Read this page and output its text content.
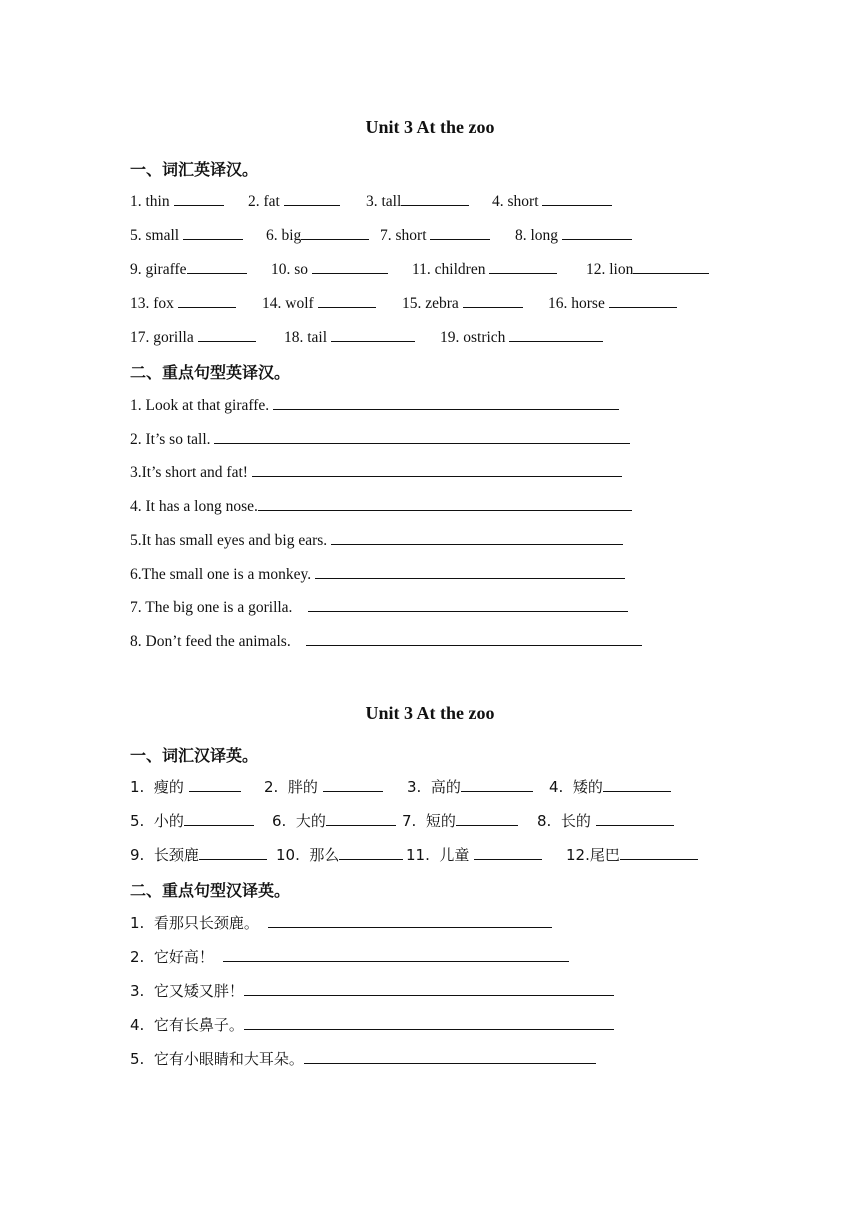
Unit 3 At the zoo
一、词汇英译汉。
1. thin	2. fat	3. tall	4. short
5. small	6. big	7. short	8. long
9. giraffe	10. so	11. children	12. lion
13. fox	14. wolf	15. zebra	16. horse
17. gorilla	18. tail	19. ostrich
二、重点句型英译汉。
1. Look at that giraffe.
2. It’s so tall.
3.It’s short and fat!
4. It has a long nose.
5.It has small eyes and big ears.
6.The small one is a monkey.
7. The big one is a gorilla.
8. Don’t feed the animals.
Unit 3 At the zoo
一、词汇汉译英。
1.  瘦的	2.  胖的	3.  高的	4.  矮的
5.  小的	6.  大的	7.  短的	8.  长的
9.  长颈鹿	10.  那么	11.  儿童	12.尾巴
二、重点句型汉译英。
1.  看那只长颈鹿。
2.  它好高！
3.  它又矮又胖！
4.  它有长鼻子。
5.  它有小眼睛和大耳朵。
